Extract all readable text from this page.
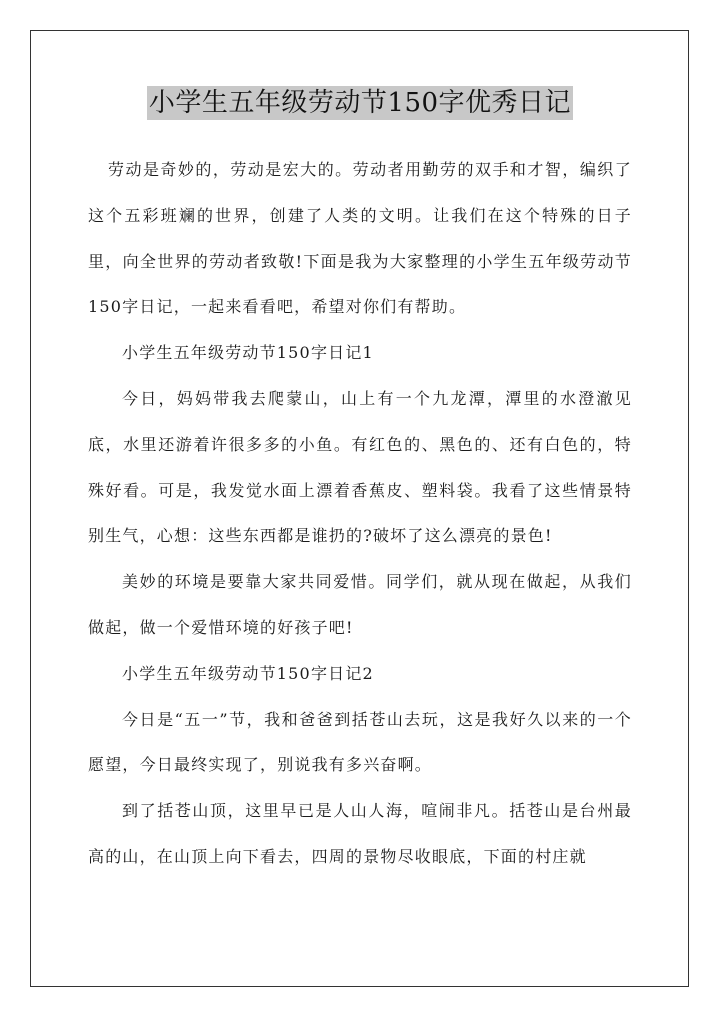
小学生五年级劳动节150字优秀日记

劳动是奇妙的，劳动是宏大的。劳动者用勤劳的双手和才智，编织了这个五彩班斓的世界，创建了人类的文明。让我们在这个特殊的日子里，向全世界的劳动者致敬!下面是我为大家整理的小学生五年级劳动节150字日记，一起来看看吧，希望对你们有帮助。

小学生五年级劳动节150字日记1

今日，妈妈带我去爬蒙山，山上有一个九龙潭，潭里的水澄澈见底，水里还游着许很多多的小鱼。有红色的、黑色的、还有白色的，特殊好看。可是，我发觉水面上漂着香蕉皮、塑料袋。我看了这些情景特别生气，心想：这些东西都是谁扔的?破坏了这么漂亮的景色!

美妙的环境是要靠大家共同爱惜。同学们，就从现在做起，从我们做起，做一个爱惜环境的好孩子吧!

小学生五年级劳动节150字日记2

今日是“五一”节，我和爸爸到括苍山去玩，这是我好久以来的一个愿望，今日最终实现了，别说我有多兴奋啊。

到了括苍山顶，这里早已是人山人海，喧闹非凡。括苍山是台州最高的山，在山顶上向下看去，四周的景物尽收眼底，下面的村庄就
